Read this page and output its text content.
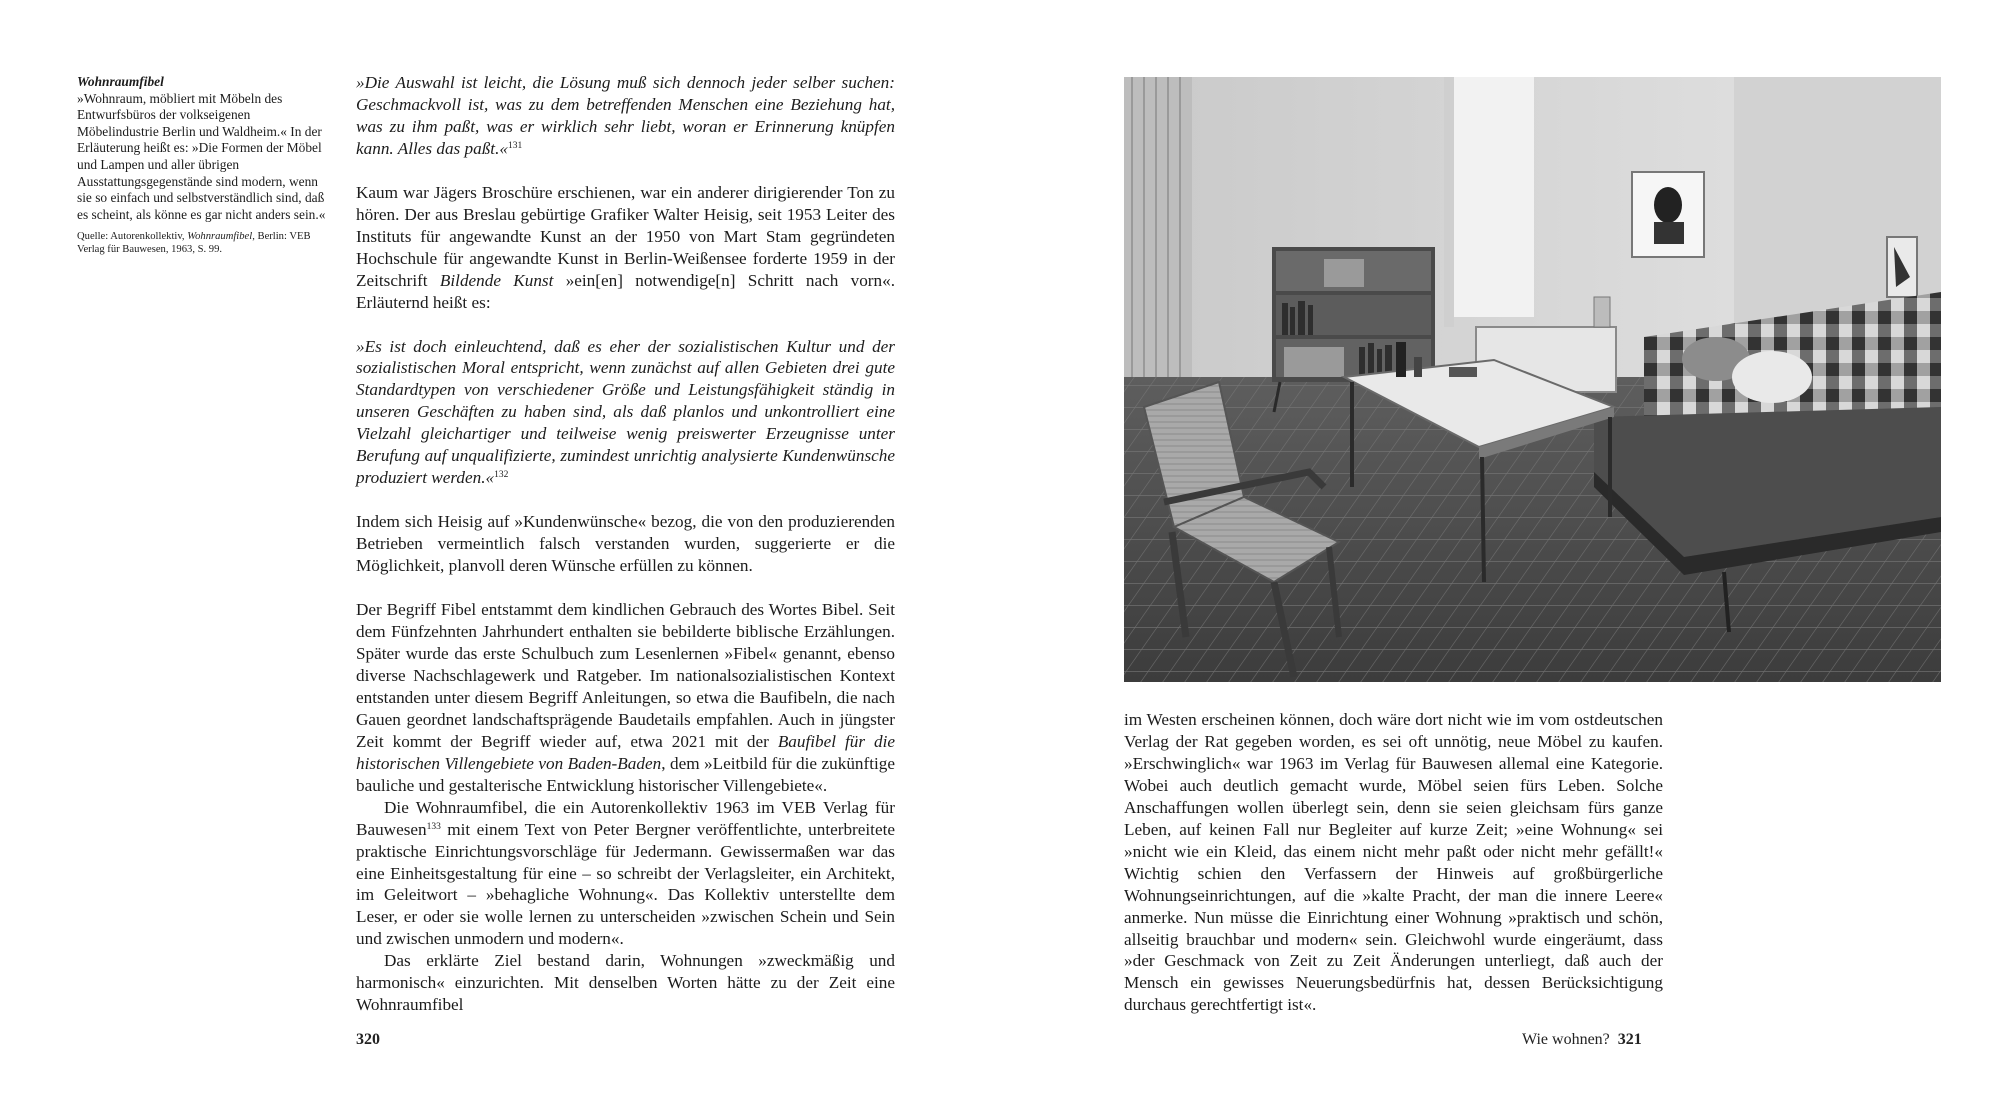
Wohnraumfibel

»Wohnraum, möbliert mit Möbeln des Entwurfsbüros der volkseigenen Möbelindustrie Berlin und Waldheim.« In der Erläuterung heißt es: »Die Formen der Möbel und Lampen und aller übrigen Ausstattungsgegenstände sind modern, wenn sie so einfach und selbstverständlich sind, daß es scheint, als könne es gar nicht anders sein.«

Quelle: Autorenkollektiv, Wohnraumfibel, Berlin: VEB Verlag für Bauwesen, 1963, S. 99.

»Die Auswahl ist leicht, die Lösung muß sich dennoch jeder selber suchen: Geschmackvoll ist, was zu dem betreffenden Menschen eine Beziehung hat, was zu ihm paßt, was er wirklich sehr liebt, woran er Erinnerung knüpfen kann. Alles das paßt.«$^{131}$

Kaum war Jägers Broschüre erschienen, war ein anderer dirigierender Ton zu hören. Der aus Breslau gebürtige Grafiker Walter Heisig, seit 1953 Leiter des Instituts für angewandte Kunst an der 1950 von Mart Stam gegründeten Hochschule für angewandte Kunst in Berlin-Weißensee forderte 1959 in der Zeitschrift Bildende Kunst »ein[en] notwendige[n] Schritt nach vorn«. Erläuternd heißt es:

»Es ist doch einleuchtend, daß es eher der sozialistischen Kultur und der sozialistischen Moral entspricht, wenn zunächst auf allen Gebieten drei gute Standardtypen von verschiedener Größe und Leistungsfähigkeit ständig in unseren Geschäften zu haben sind, als daß planlos und unkontrolliert eine Vielzahl gleichartiger und teilweise wenig preiswerter Erzeugnisse unter Berufung auf unqualifizierte, zumindest unrichtig analysierte Kundenwünsche produziert werden.«$^{132}$

Indem sich Heisig auf »Kundenwünsche« bezog, die von den produzierenden Betrieben vermeintlich falsch verstanden wurden, suggerierte er die Möglichkeit, planvoll deren Wünsche erfüllen zu können.

Der Begriff Fibel entstammt dem kindlichen Gebrauch des Wortes Bibel. Seit dem Fünfzehnten Jahrhundert enthalten sie bebilderte biblische Erzählungen. Später wurde das erste Schulbuch zum Lesenlernen »Fibel« genannt, ebenso diverse Nachschlagewerk und Ratgeber. Im nationalsozialistischen Kontext entstanden unter diesem Begriff Anleitungen, so etwa die Baufibeln, die nach Gauen geordnet landschaftsprägende Baudetails empfahlen. Auch in jüngster Zeit kommt der Begriff wieder auf, etwa 2021 mit der Baufibel für die historischen Villengebiete von Baden-Baden, dem »Leitbild für die zukünftige bauliche und gestalterische Entwicklung historischer Villengebiete«.

Die Wohnraumfibel, die ein Autorenkollektiv 1963 im VEB Verlag für Bauwesen$^{133}$ mit einem Text von Peter Bergner veröffentlichte, unterbreitete praktische Einrichtungsvorschläge für Jedermann. Gewissermaßen war das eine Einheitsgestaltung für eine – so schreibt der Verlagsleiter, ein Architekt, im Geleitwort – »behagliche Wohnung«. Das Kollektiv unterstellte dem Leser, er oder sie wolle lernen zu unterscheiden »zwischen Schein und Sein und zwischen unmodern und modern«.

Das erklärte Ziel bestand darin, Wohnungen »zweckmäßig und harmonisch« einzurichten. Mit denselben Worten hätte zu der Zeit eine Wohnraumfibel

320

im Westen erscheinen können, doch wäre dort nicht wie im vom ostdeutschen Verlag der Rat gegeben worden, es sei oft unnötig, neue Möbel zu kaufen. »Erschwinglich« war 1963 im Verlag für Bauwesen allemal eine Kategorie. Wobei auch deutlich gemacht wurde, Möbel seien fürs Leben. Solche Anschaffungen wollen überlegt sein, denn sie seien gleichsam fürs ganze Leben, auf keinen Fall nur Begleiter auf kurze Zeit; »eine Wohnung« sei »nicht wie ein Kleid, das einem nicht mehr paßt oder nicht mehr gefällt!« Wichtig schien den Verfassern der Hinweis auf großbürgerliche Wohnungseinrichtungen, auf die »kalte Pracht, der man die innere Leere« anmerke. Nun müsse die Einrichtung einer Wohnung »praktisch und schön, allseitig brauchbar und modern« sein. Gleichwohl wurde eingeräumt, dass »der Geschmack von Zeit zu Zeit Änderungen unterliegt, daß auch der Mensch ein gewisses Neuerungsbedürfnis hat, dessen Berücksichtigung durchaus gerechtfertigt ist«.

Wie wohnen? 321
